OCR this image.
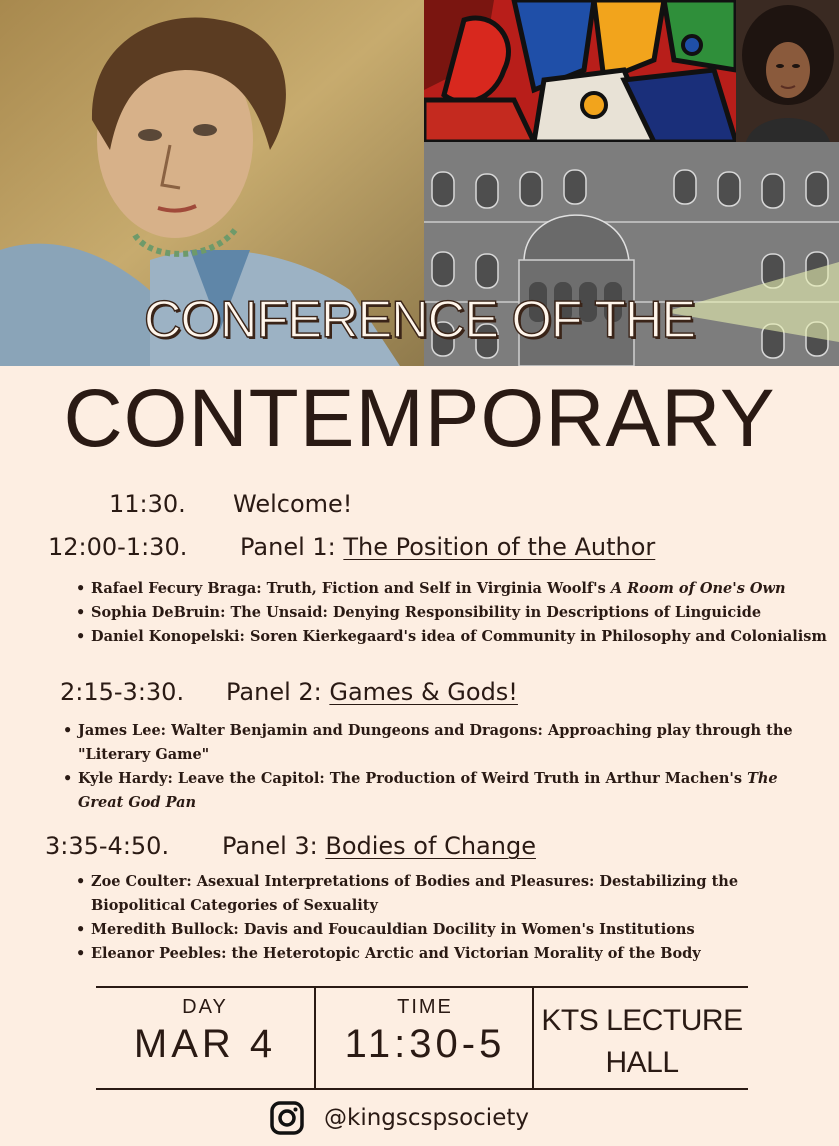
CONFERENCE OF THE
CONTEMPORARY
11:30. Welcome!
12:00-1:30. Panel 1: The Position of the Author
• Rafael Fecury Braga: Truth, Fiction and Self in Virginia Woolf's A Room of One's Own
• Sophia DeBruin: The Unsaid: Denying Responsibility in Descriptions of Linguicide
• Daniel Konopelski: Soren Kierkegaard's idea of Community in Philosophy and Colonialism
2:15-3:30. Panel 2: Games & Gods!
• James Lee: Walter Benjamin and Dungeons and Dragons: Approaching play through the "Literary Game"
• Kyle Hardy: Leave the Capitol: The Production of Weird Truth in Arthur Machen's The Great God Pan
3:35-4:50. Panel 3: Bodies of Change
• Zoe Coulter: Asexual Interpretations of Bodies and Pleasures: Destabilizing the Biopolitical Categories of Sexuality
• Meredith Bullock: Davis and Foucauldian Docility in Women's Institutions
• Eleanor Peebles: the Heterotopic Arctic and Victorian Morality of the Body
DAY
MAR 4
TIME
11:30-5
KTS LECTURE
HALL
@kingscspsociety
